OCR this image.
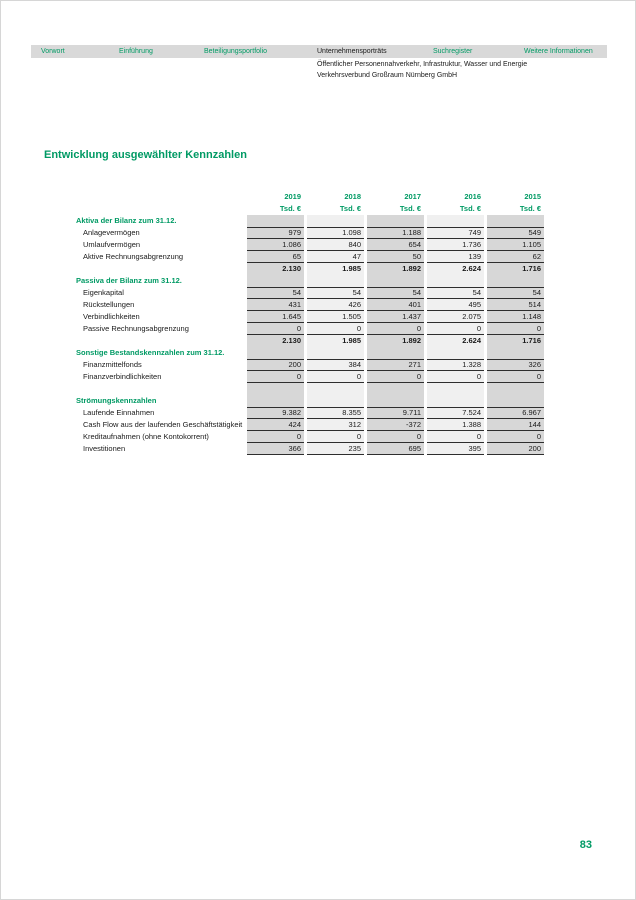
Vorwort	Einführung	Beteiligungsportfolio	Unternehmensporträts	Suchregister	Weitere Informationen
Öffentlicher Personennahverkehr, Infrastruktur, Wasser und Energie
Verkehrsverbund Großraum Nürnberg GmbH
Entwicklung ausgewählter Kennzahlen
	2019	2018	2017	2016	2015
	Tsd. €	Tsd. €	Tsd. €	Tsd. €	Tsd. €
Aktiva der Bilanz zum 31.12.					
Anlagevermögen	979	1.098	1.188	749	549
Umlaufvermögen	1.086	840	654	1.736	1.105
Aktive Rechnungsabgrenzung	65	47	50	139	62
	2.130	1.985	1.892	2.624	1.716
Passiva der Bilanz zum 31.12.					
Eigenkapital	54	54	54	54	54
Rückstellungen	431	426	401	495	514
Verbindlichkeiten	1.645	1.505	1.437	2.075	1.148
Passive Rechnungsabgrenzung	0	0	0	0	0
	2.130	1.985	1.892	2.624	1.716
Sonstige Bestandskennzahlen zum 31.12.					
Finanzmittelfonds	200	384	271	1.328	326
Finanzverbindlichkeiten	0	0	0	0	0

Strömungskennzahlen					
Laufende Einnahmen	9.382	8.355	9.711	7.524	6.967
Cash Flow aus der laufenden Geschäftstätigkeit	424	312	-372	1.388	144
Kreditaufnahmen (ohne Kontokorrent)	0	0	0	0	0
Investitionen	366	235	695	395	200
83
